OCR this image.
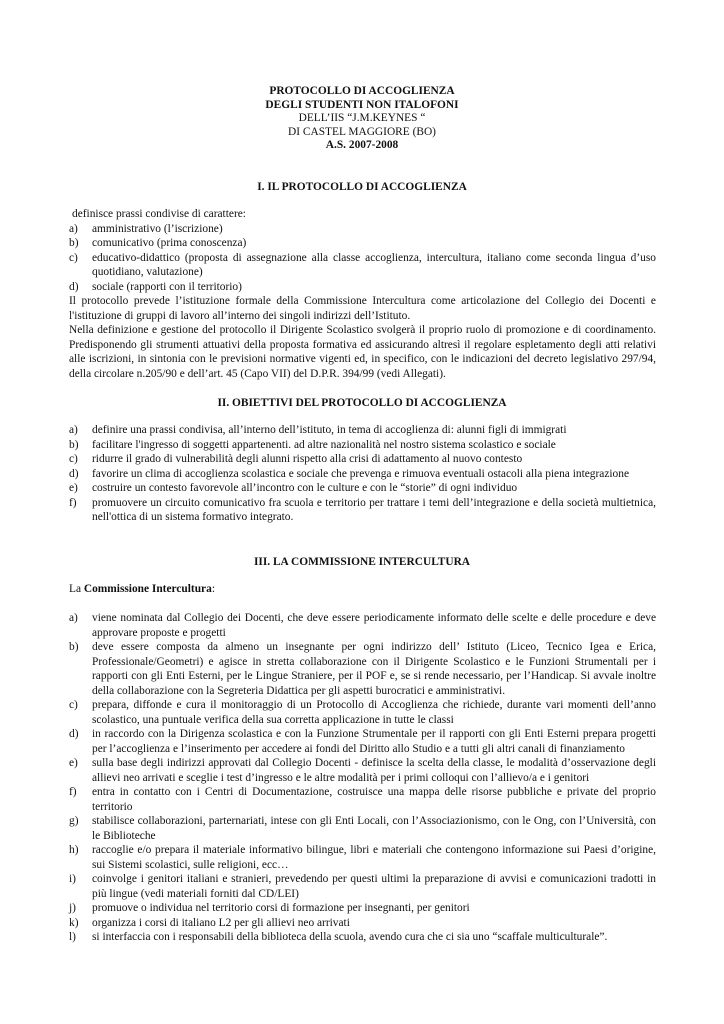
PROTOCOLLO DI ACCOGLIENZA
DEGLI STUDENTI NON ITALOFONI
DELL’IIS “J.M.KEYNES “
DI CASTEL MAGGIORE (BO)
A.S. 2007-2008
I. IL PROTOCOLLO DI ACCOGLIENZA
definisce prassi condivise di carattere:
a) amministrativo (l’iscrizione)
b) comunicativo (prima conoscenza)
c) educativo-didattico (proposta di assegnazione alla classe accoglienza, intercultura, italiano come seconda lingua d’uso quotidiano, valutazione)
d) sociale (rapporti con il territorio)

Il protocollo prevede l’istituzione formale della Commissione Intercultura come articolazione del Collegio dei Docenti e l'istituzione di gruppi di lavoro all’interno dei singoli indirizzi dell’Istituto.

Nella definizione e gestione del protocollo il Dirigente Scolastico svolgerà il proprio ruolo di promozione e di coordinamento. Predisponendo gli strumenti attuativi della proposta formativa ed assicurando altresì il regolare espletamento degli atti relativi alle iscrizioni, in sintonia con le previsioni normative vigenti ed, in specifico, con le indicazioni del decreto legislativo 297/94, della circolare n.205/90 e dell’art. 45 (Capo VII) del D.P.R. 394/99 (vedi Allegati).

II. OBIETTIVI DEL PROTOCOLLO DI ACCOGLIENZA
a) definire una prassi condivisa, all’interno dell’istituto, in tema di accoglienza di: alunni figli di immigrati
b) facilitare l'ingresso di soggetti appartenenti. ad altre nazionalità nel nostro sistema scolastico e sociale
c) ridurre il grado di vulnerabilità degli alunni rispetto alla crisi di adattamento al nuovo contesto
d) favorire un clima di accoglienza scolastica e sociale che prevenga e rimuova eventuali ostacoli alla piena integrazione
e) costruire un contesto favorevole all’incontro con le culture e con le “storie” di ogni individuo
f) promuovere un circuito comunicativo fra scuola e territorio per trattare i temi dell’integrazione e della società multietnica, nell'ottica di un sistema formativo integrato.
III. LA COMMISSIONE INTERCULTURA
La Commissione Intercultura:
a) viene nominata dal Collegio dei Docenti, che deve essere periodicamente informato delle scelte e delle procedure e deve approvare proposte e progetti
b) deve essere composta da almeno un insegnante per ogni indirizzo dell’ Istituto (Liceo, Tecnico Igea e Erica, Professionale/Geometri) e agisce in stretta collaborazione con il Dirigente Scolastico e le Funzioni Strumentali per i rapporti con gli Enti Esterni, per le Lingue Straniere, per il POF e, se si rende necessario, per l’Handicap. Si avvale inoltre della collaborazione con la Segreteria Didattica per gli aspetti burocratici e amministrativi.
c) prepara, diffonde e cura il monitoraggio di un Protocollo di Accoglienza che richiede, durante vari momenti dell’anno scolastico, una puntuale verifica della sua corretta applicazione in tutte le classi
d) in raccordo con la Dirigenza scolastica e con la Funzione Strumentale per il rapporti con gli Enti Esterni prepara progetti per l’accoglienza e l’inserimento per accedere ai fondi del Diritto allo Studio e a tutti gli altri canali di finanziamento
e) sulla base degli indirizzi approvati dal Collegio Docenti - definisce la scelta della classe, le modalità d’osservazione degli allievi neo arrivati e sceglie i test d’ingresso e le altre modalità per i primi colloqui con l’allievo/a e i genitori
f) entra in contatto con i Centri di Documentazione, costruisce una mappa delle risorse pubbliche e private del proprio territorio
g) stabilisce collaborazioni, parternariati, intese con gli Enti Locali, con l’Associazionismo, con le Ong, con l’Università, con le Biblioteche
h) raccoglie e/o prepara il materiale informativo bilingue, libri e materiali che contengono informazione sui Paesi d’origine, sui Sistemi scolastici, sulle religioni, ecc…
i) coinvolge i genitori italiani e stranieri, prevedendo per questi ultimi la preparazione di avvisi e comunicazioni tradotti in più lingue (vedi materiali forniti dal CD/LEI)
j) promuove o individua nel territorio corsi di formazione per insegnanti, per genitori
k) organizza i corsi di italiano L2 per gli allievi neo arrivati
l) si interfaccia con i responsabili della biblioteca della scuola, avendo cura che ci sia uno “scaffale multiculturale”.
